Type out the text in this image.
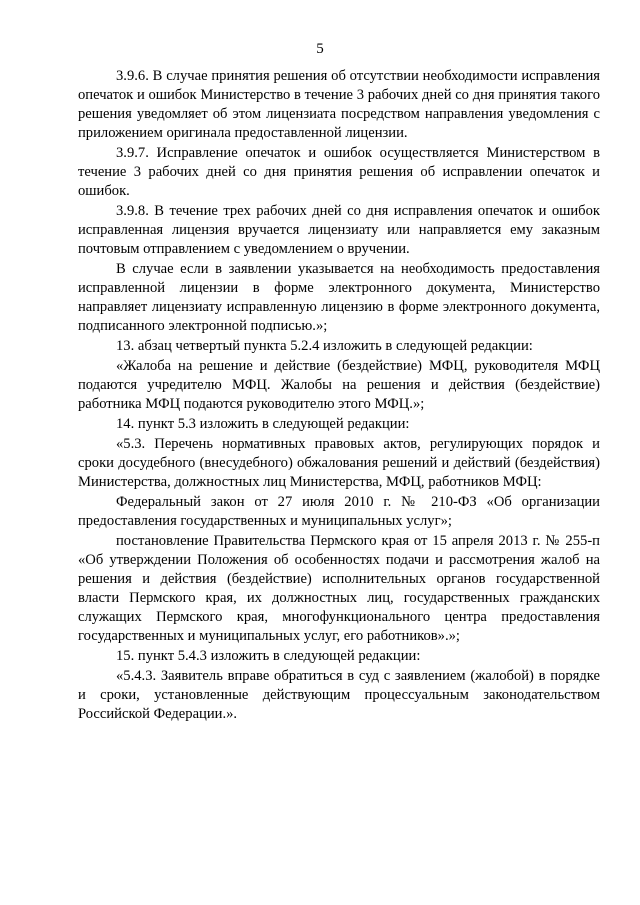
5

3.9.6. В случае принятия решения об отсутствии необходимости исправления опечаток и ошибок Министерство в течение 3 рабочих дней со дня принятия такого решения уведомляет об этом лицензиата посредством направления уведомления с приложением оригинала предоставленной лицензии.

3.9.7. Исправление опечаток и ошибок осуществляется Министерством в течение 3 рабочих дней со дня принятия решения об исправлении опечаток и ошибок.

3.9.8. В течение трех рабочих дней со дня исправления опечаток и ошибок исправленная лицензия вручается лицензиату или направляется ему заказным почтовым отправлением с уведомлением о вручении.

В случае если в заявлении указывается на необходимость предоставления исправленной лицензии в форме электронного документа, Министерство направляет лицензиату исправленную лицензию в форме электронного документа, подписанного электронной подписью.»;

13. абзац четвертый пункта 5.2.4 изложить в следующей редакции:

«Жалоба на решение и действие (бездействие) МФЦ, руководителя МФЦ подаются учредителю МФЦ. Жалобы на решения и действия (бездействие) работника МФЦ подаются руководителю этого МФЦ.»;

14. пункт 5.3 изложить в следующей редакции:

«5.3. Перечень нормативных правовых актов, регулирующих порядок и сроки досудебного (внесудебного) обжалования решений и действий (бездействия) Министерства, должностных лиц Министерства, МФЦ, работников МФЦ:

Федеральный закон от 27 июля 2010 г. № 210-ФЗ «Об организации предоставления государственных и муниципальных услуг»;

постановление Правительства Пермского края от 15 апреля 2013 г. № 255-п «Об утверждении Положения об особенностях подачи и рассмотрения жалоб на решения и действия (бездействие) исполнительных органов государственной власти Пермского края, их должностных лиц, государственных гражданских служащих Пермского края, многофункционального центра предоставления государственных и муниципальных услуг, его работников».»;

15. пункт 5.4.3 изложить в следующей редакции:

«5.4.3. Заявитель вправе обратиться в суд с заявлением (жалобой) в порядке и сроки, установленные действующим процессуальным законодательством Российской Федерации.».
